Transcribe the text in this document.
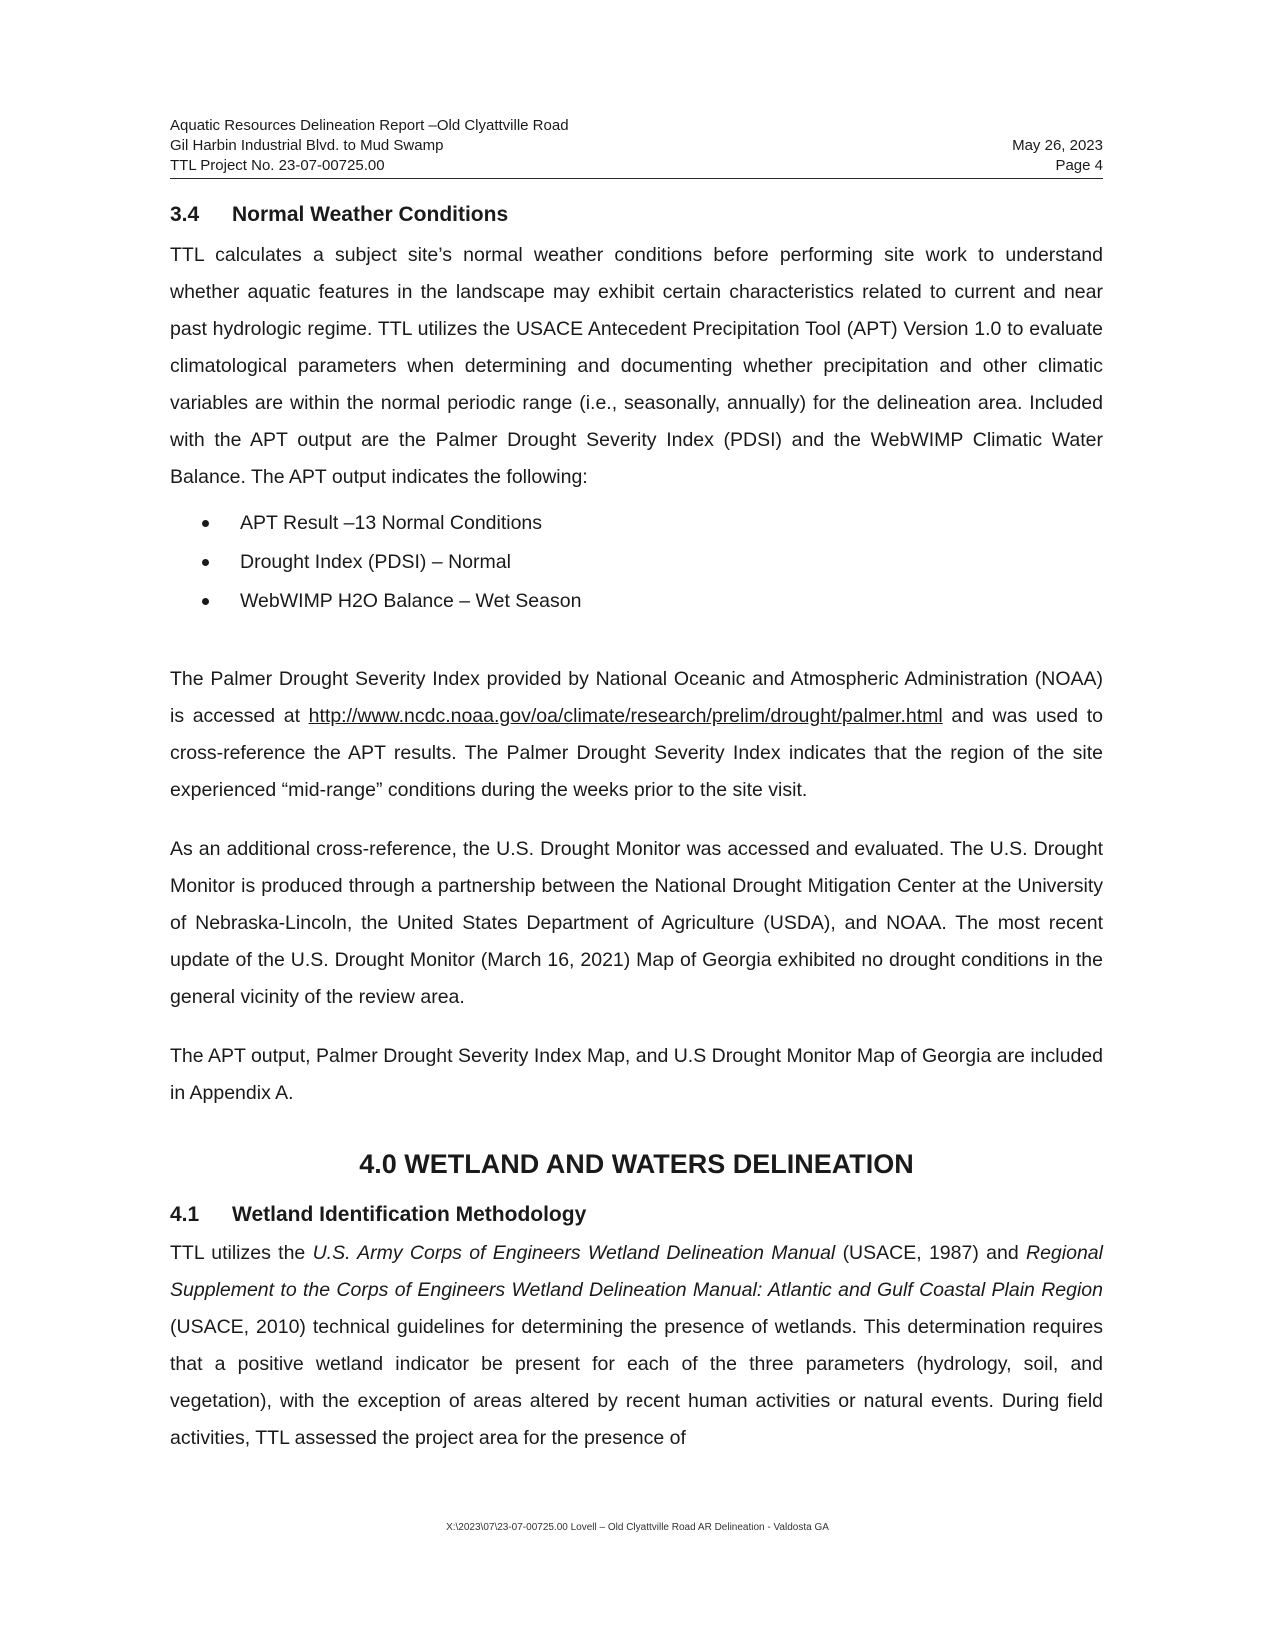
Aquatic Resources Delineation Report –Old Clyattville Road
Gil Harbin Industrial Blvd. to Mud Swamp
TTL Project No. 23-07-00725.00
May 26, 2023
Page 4
3.4 Normal Weather Conditions

TTL calculates a subject site’s normal weather conditions before performing site work to understand whether aquatic features in the landscape may exhibit certain characteristics related to current and near past hydrologic regime. TTL utilizes the USACE Antecedent Precipitation Tool (APT) Version 1.0 to evaluate climatological parameters when determining and documenting whether precipitation and other climatic variables are within the normal periodic range (i.e., seasonally, annually) for the delineation area. Included with the APT output are the Palmer Drought Severity Index (PDSI) and the WebWIMP Climatic Water Balance. The APT output indicates the following:

APT Result –13 Normal Conditions
Drought Index (PDSI) – Normal
WebWIMP H2O Balance – Wet Season

The Palmer Drought Severity Index provided by National Oceanic and Atmospheric Administration (NOAA) is accessed at http://www.ncdc.noaa.gov/oa/climate/research/prelim/drought/palmer.html and was used to cross-reference the APT results. The Palmer Drought Severity Index indicates that the region of the site experienced “mid-range” conditions during the weeks prior to the site visit.

As an additional cross-reference, the U.S. Drought Monitor was accessed and evaluated. The U.S. Drought Monitor is produced through a partnership between the National Drought Mitigation Center at the University of Nebraska-Lincoln, the United States Department of Agriculture (USDA), and NOAA. The most recent update of the U.S. Drought Monitor (March 16, 2021) Map of Georgia exhibited no drought conditions in the general vicinity of the review area.

The APT output, Palmer Drought Severity Index Map, and U.S Drought Monitor Map of Georgia are included in Appendix A.

4.0 WETLAND AND WATERS DELINEATION
4.1 Wetland Identification Methodology

TTL utilizes the U.S. Army Corps of Engineers Wetland Delineation Manual (USACE, 1987) and Regional Supplement to the Corps of Engineers Wetland Delineation Manual: Atlantic and Gulf Coastal Plain Region (USACE, 2010) technical guidelines for determining the presence of wetlands. This determination requires that a positive wetland indicator be present for each of the three parameters (hydrology, soil, and vegetation), with the exception of areas altered by recent human activities or natural events. During field activities, TTL assessed the project area for the presence of

X:\2023\07\23-07-00725.00 Lovell – Old Clyattville Road AR Delineation - Valdosta GA
